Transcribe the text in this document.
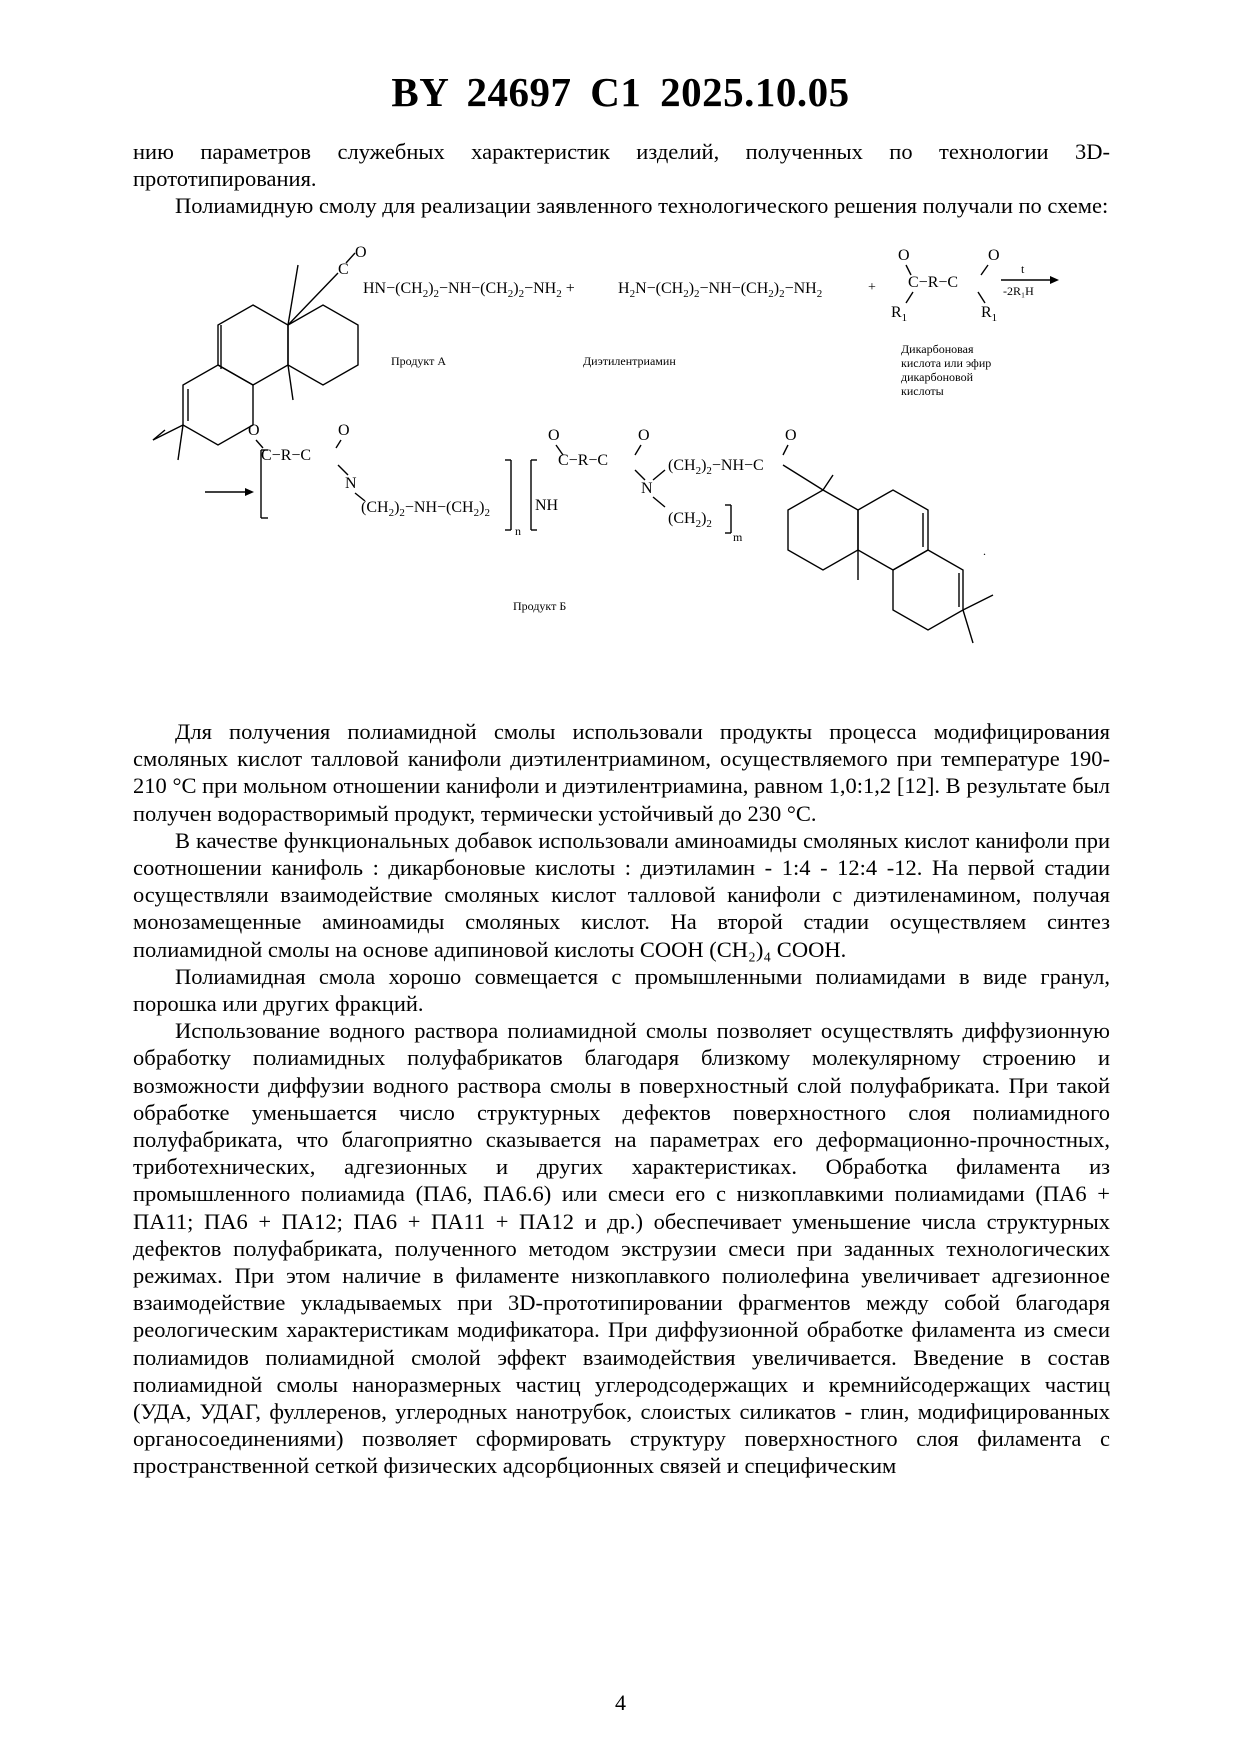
BY 24697 C1 2025.10.05

нию параметров служебных характеристик изделий, полученных по технологии 3D-прототипирования.

Полиамидную смолу для реализации заявленного технологического решения получали по схеме:

C
O
$HN-(CH_2)_2-NH-(CH_2)_2-NH_2$ +	$H_2N-(CH_2)_2-NH-(CH_2)_2-NH_2$	+
O
C−R−C
O
$R_1$	$R_1$
t
-2R₁H
Продукт А	Диэтилентриамин
Дикарбоновая
кислота или эфир
дикарбоновой
кислоты
O
C−R−C
O
N
$(CH_2)_2-NH-(CH_2)_2$
n
NH
O
C−R−C
O
N
$(CH_2)_2-NH-C$
O
$(CH_2)_2$
m
.
Продукт Б

Для получения полиамидной смолы использовали продукты процесса модифицирования смоляных кислот талловой канифоли диэтилентриамином, осуществляемого при температуре 190-210 °С при мольном отношении канифоли и диэтилентриамина, равном 1,0:1,2 [12]. В результате был получен водорастворимый продукт, термически устойчивый до 230 °С.

В качестве функциональных добавок использовали аминоамиды смоляных кислот канифоли при соотношении канифоль : дикарбоновые кислоты : диэтиламин - 1:4 - 12:4 -12. На первой стадии осуществляли взаимодействие смоляных кислот талловой канифоли с диэтиленамином, получая монозамещенные аминоамиды смоляных кислот. На второй стадии осуществляем синтез полиамидной смолы на основе адипиновой кислоты СООН (СН₂)₄ СООН.

Полиамидная смола хорошо совмещается с промышленными полиамидами в виде гранул, порошка или других фракций.

Использование водного раствора полиамидной смолы позволяет осуществлять диффузионную обработку полиамидных полуфабрикатов благодаря близкому молекулярному строению и возможности диффузии водного раствора смолы в поверхностный слой полуфабриката. При такой обработке уменьшается число структурных дефектов поверхностного слоя полиамидного полуфабриката, что благоприятно сказывается на параметрах его деформационно-прочностных, триботехнических, адгезионных и других характеристиках. Обработка филамента из промышленного полиамида (ПА6, ПА6.6) или смеси его с низкоплавкими полиамидами (ПА6 + ПА11; ПА6 + ПА12; ПА6 + ПА11 + ПА12 и др.) обеспечивает уменьшение числа структурных дефектов полуфабриката, полученного методом экструзии смеси при заданных технологических режимах. При этом наличие в филаменте низкоплавкого полиолефина увеличивает адгезионное взаимодействие укладываемых при 3D-прототипировании фрагментов между собой благодаря реологическим характеристикам модификатора. При диффузионной обработке филамента из смеси полиамидов полиамидной смолой эффект взаимодействия увеличивается. Введение в состав полиамидной смолы наноразмерных частиц углеродсодержащих и кремнийсодержащих частиц (УДА, УДАГ, фуллеренов, углеродных нанотрубок, слоистых силикатов - глин, модифицированных органосоединениями) позволяет сформировать структуру поверхностного слоя филамента с пространственной сеткой физических адсорбционных связей и специфическим

4
